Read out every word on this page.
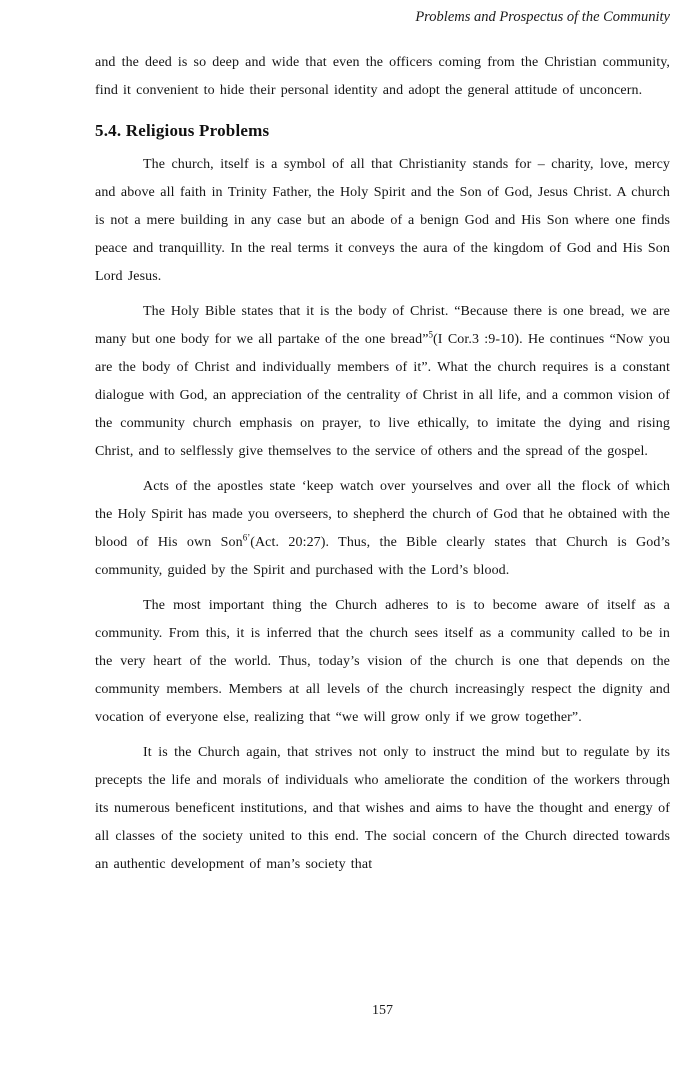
Problems and Prospectus of the Community

and the deed is so deep and wide that even the officers coming from the Christian community, find it convenient to hide their personal identity and adopt the general attitude of unconcern.

5.4. Religious Problems

The church, itself is a symbol of all that Christianity stands for – charity, love, mercy and above all faith in Trinity Father, the Holy Spirit and the Son of God, Jesus Christ. A church is not a mere building in any case but an abode of a benign God and His Son where one finds peace and tranquillity. In the real terms it conveys the aura of the kingdom of God and His Son Lord Jesus.

The Holy Bible states that it is the body of Christ. “Because there is one bread, we are many but one body for we all partake of the one bread”$^5$(I Cor.3 :9-10). He continues “Now you are the body of Christ and individually members of it”. What the church requires is a constant dialogue with God, an appreciation of the centrality of Christ in all life, and a common vision of the community church emphasis on prayer, to live ethically, to imitate the dying and rising Christ, and to selflessly give themselves to the service of others and the spread of the gospel.

Acts of the apostles state ‘keep watch over yourselves and over all the flock of which the Holy Spirit has made you overseers, to shepherd the church of God that he obtained with the blood of His own Son$^{6’}$(Act. 20:27). Thus, the Bible clearly states that Church is God’s community, guided by the Spirit and purchased with the Lord’s blood.

The most important thing the Church adheres to is to become aware of itself as a community. From this, it is inferred that the church sees itself as a community called to be in the very heart of the world. Thus, today’s vision of the church is one that depends on the community members. Members at all levels of the church increasingly respect the dignity and vocation of everyone else, realizing that “we will grow only if we grow together”.

It is the Church again, that strives not only to instruct the mind but to regulate by its precepts the life and morals of individuals who ameliorate the condition of the workers through its numerous beneficent institutions, and that wishes and aims to have the thought and energy of all classes of the society united to this end. The social concern of the Church directed towards an authentic development of man’s society that

157
